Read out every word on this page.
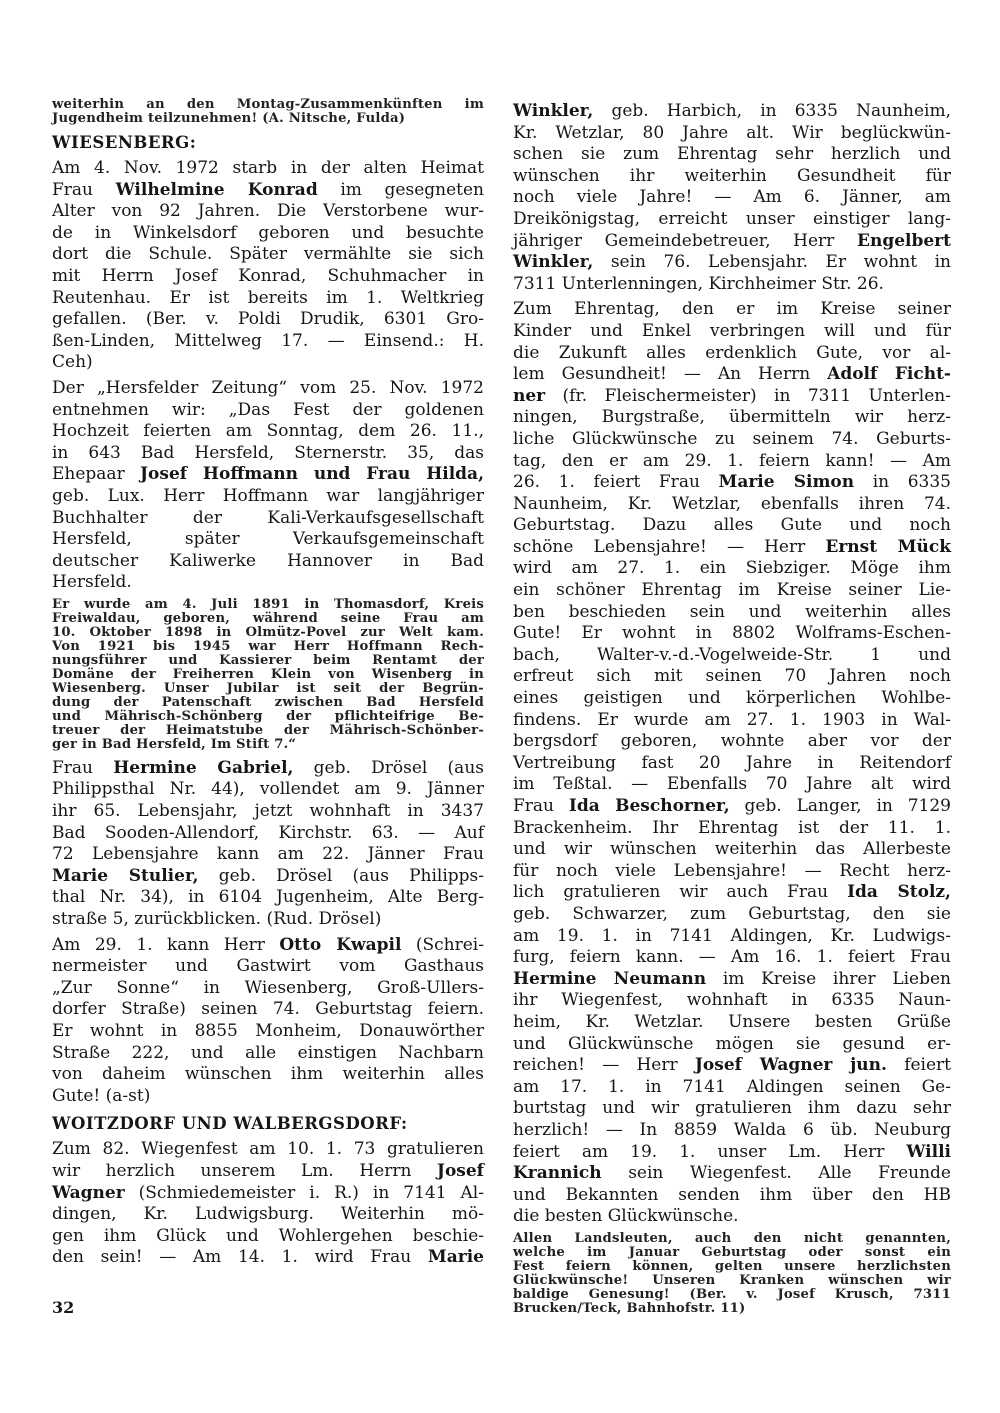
weiterhin an den Montag-Zusammenkünften im
Jugendheim teilzunehmen! (A. Nitsche, Fulda)
WIESENBERG:
Am 4. Nov. 1972 starb in der alten Heimat
Frau Wilhelmine Konrad im gesegneten
Alter von 92 Jahren. Die Verstorbene wur-
de in Winkelsdorf geboren und besuchte
dort die Schule. Später vermählte sie sich
mit Herrn Josef Konrad, Schuhmacher in
Reutenhau. Er ist bereits im 1. Weltkrieg
gefallen. (Ber. v. Poldi Drudik, 6301 Gro-
ßen-Linden, Mittelweg 17. — Einsend.: H.
Ceh)
Der „Hersfelder Zeitung“ vom 25. Nov. 1972
entnehmen wir: „Das Fest der goldenen
Hochzeit feierten am Sonntag, dem 26. 11.,
in 643 Bad Hersfeld, Sternerstr. 35, das
Ehepaar Josef Hoffmann und Frau Hilda,
geb. Lux. Herr Hoffmann war langjähriger
Buchhalter der Kali-Verkaufsgesellschaft
Hersfeld, später Verkaufsgemeinschaft
deutscher Kaliwerke Hannover in Bad
Hersfeld.
Er wurde am 4. Juli 1891 in Thomasdorf, Kreis
Freiwaldau, geboren, während seine Frau am
10. Oktober 1898 in Olmütz-Povel zur Welt kam.
Von 1921 bis 1945 war Herr Hoffmann Rech-
nungsführer und Kassierer beim Rentamt der
Domäne der Freiherren Klein von Wisenberg in
Wiesenberg. Unser Jubilar ist seit der Begrün-
dung der Patenschaft zwischen Bad Hersfeld
und Mährisch-Schönberg der pflichteifrige Be-
treuer der Heimatstube der Mährisch-Schönber-
ger in Bad Hersfeld, Im Stift 7.“
Frau Hermine Gabriel, geb. Drösel (aus
Philippsthal Nr. 44), vollendet am 9. Jänner
ihr 65. Lebensjahr, jetzt wohnhaft in 3437
Bad Sooden-Allendorf, Kirchstr. 63. — Auf
72 Lebensjahre kann am 22. Jänner Frau
Marie Stulier, geb. Drösel (aus Philipps-
thal Nr. 34), in 6104 Jugenheim, Alte Berg-
straße 5, zurückblicken. (Rud. Drösel)
Am 29. 1. kann Herr Otto Kwapil (Schrei-
nermeister und Gastwirt vom Gasthaus
„Zur Sonne“ in Wiesenberg, Groß-Ullers-
dorfer Straße) seinen 74. Geburtstag feiern.
Er wohnt in 8855 Monheim, Donauwörther
Straße 222, und alle einstigen Nachbarn
von daheim wünschen ihm weiterhin alles
Gute! (a-st)
WOITZDORF UND WALBERGSDORF:
Zum 82. Wiegenfest am 10. 1. 73 gratulieren
wir herzlich unserem Lm. Herrn Josef
Wagner (Schmiedemeister i. R.) in 7141 Al-
dingen, Kr. Ludwigsburg. Weiterhin mö-
gen ihm Glück und Wohlergehen beschie-
den sein! — Am 14. 1. wird Frau Marie
Winkler, geb. Harbich, in 6335 Naunheim,
Kr. Wetzlar, 80 Jahre alt. Wir beglückwün-
schen sie zum Ehrentag sehr herzlich und
wünschen ihr weiterhin Gesundheit für
noch viele Jahre! — Am 6. Jänner, am
Dreikönigstag, erreicht unser einstiger lang-
jähriger Gemeindebetreuer, Herr Engelbert
Winkler, sein 76. Lebensjahr. Er wohnt in
7311 Unterlenningen, Kirchheimer Str. 26.
Zum Ehrentag, den er im Kreise seiner
Kinder und Enkel verbringen will und für
die Zukunft alles erdenklich Gute, vor al-
lem Gesundheit! — An Herrn Adolf Ficht-
ner (fr. Fleischermeister) in 7311 Unterlen-
ningen, Burgstraße, übermitteln wir herz-
liche Glückwünsche zu seinem 74. Geburts-
tag, den er am 29. 1. feiern kann! — Am
26. 1. feiert Frau Marie Simon in 6335
Naunheim, Kr. Wetzlar, ebenfalls ihren 74.
Geburtstag. Dazu alles Gute und noch
schöne Lebensjahre! — Herr Ernst Mück
wird am 27. 1. ein Siebziger. Möge ihm
ein schöner Ehrentag im Kreise seiner Lie-
ben beschieden sein und weiterhin alles
Gute! Er wohnt in 8802 Wolframs-Eschen-
bach, Walter-v.-d.-Vogelweide-Str. 1 und
erfreut sich mit seinen 70 Jahren noch
eines geistigen und körperlichen Wohlbe-
findens. Er wurde am 27. 1. 1903 in Wal-
bergsdorf geboren, wohnte aber vor der
Vertreibung fast 20 Jahre in Reitendorf
im Teßtal. — Ebenfalls 70 Jahre alt wird
Frau Ida Beschorner, geb. Langer, in 7129
Brackenheim. Ihr Ehrentag ist der 11. 1.
und wir wünschen weiterhin das Allerbeste
für noch viele Lebensjahre! — Recht herz-
lich gratulieren wir auch Frau Ida Stolz,
geb. Schwarzer, zum Geburtstag, den sie
am 19. 1. in 7141 Aldingen, Kr. Ludwigs-
furg, feiern kann. — Am 16. 1. feiert Frau
Hermine Neumann im Kreise ihrer Lieben
ihr Wiegenfest, wohnhaft in 6335 Naun-
heim, Kr. Wetzlar. Unsere besten Grüße
und Glückwünsche mögen sie gesund er-
reichen! — Herr Josef Wagner jun. feiert
am 17. 1. in 7141 Aldingen seinen Ge-
burtstag und wir gratulieren ihm dazu sehr
herzlich! — In 8859 Walda 6 üb. Neuburg
feiert am 19. 1. unser Lm. Herr Willi
Krannich sein Wiegenfest. Alle Freunde
und Bekannten senden ihm über den HB
die besten Glückwünsche.
Allen Landsleuten, auch den nicht genannten,
welche im Januar Geburtstag oder sonst ein
Fest feiern können, gelten unsere herzlichsten
Glückwünsche! Unseren Kranken wünschen wir
baldige Genesung! (Ber. v. Josef Krusch, 7311
Brucken/Teck, Bahnhofstr. 11)
32
